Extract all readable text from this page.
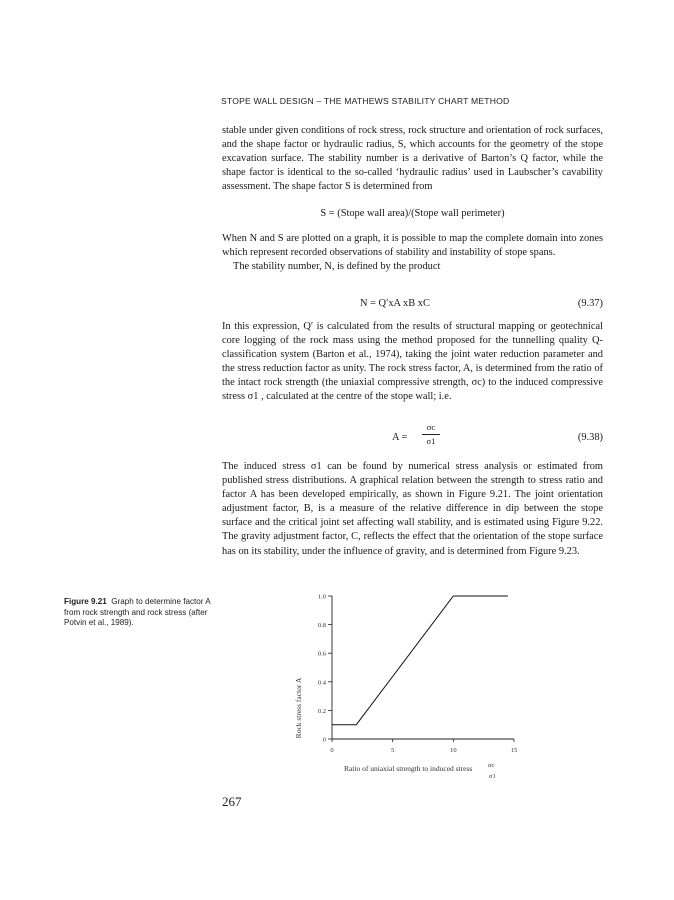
STOPE WALL DESIGN – THE MATHEWS STABILITY CHART METHOD

stable under given conditions of rock stress, rock structure and orientation of rock surfaces, and the shape factor or hydraulic radius, S, which accounts for the geometry of the stope excavation surface. The stability number is a derivative of Barton’s Q factor, while the shape factor is identical to the so-called ‘hydraulic radius’ used in Laubscher’s cavability assessment. The shape factor S is determined from

S = (Stope wall area)/(Stope wall perimeter)

When N and S are plotted on a graph, it is possible to map the complete domain into zones which represent recorded observations of stability and instability of stope spans.

The stability number, N, is defined by the product

N = Q′xA xB xC	(9.37)

In this expression, Q′ is calculated from the results of structural mapping or geotechnical core logging of the rock mass using the method proposed for the tunnelling quality Q-classification system (Barton et al., 1974), taking the joint water reduction parameter and the stress reduction factor as unity. The rock stress factor, A, is determined from the ratio of the intact rock strength (the uniaxial compressive strength, σc) to the induced compressive stress σ1 , calculated at the centre of the stope wall; i.e.

A =
σc
σ1	(9.38)

The induced stress σ1 can be found by numerical stress analysis or estimated from published stress distributions. A graphical relation between the strength to stress ratio and factor A has been developed empirically, as shown in Figure 9.21. The joint orientation adjustment factor, B, is a measure of the relative difference in dip between the stope surface and the critical joint set affecting wall stability, and is estimated using Figure 9.22. The gravity adjustment factor, C, reflects the effect that the orientation of the stope surface has on its stability, under the influence of gravity, and is determined from Figure 9.23.

Figure 9.21 Graph to determine factor A from rock strength and rock stress (after Potvin et al., 1989).
0
0.2
0.4
0.6
0.8
1.0
0	5	10	15
Ratio of uniaxial strength to induced stress σc
σ1
Rock stress factor A
267
